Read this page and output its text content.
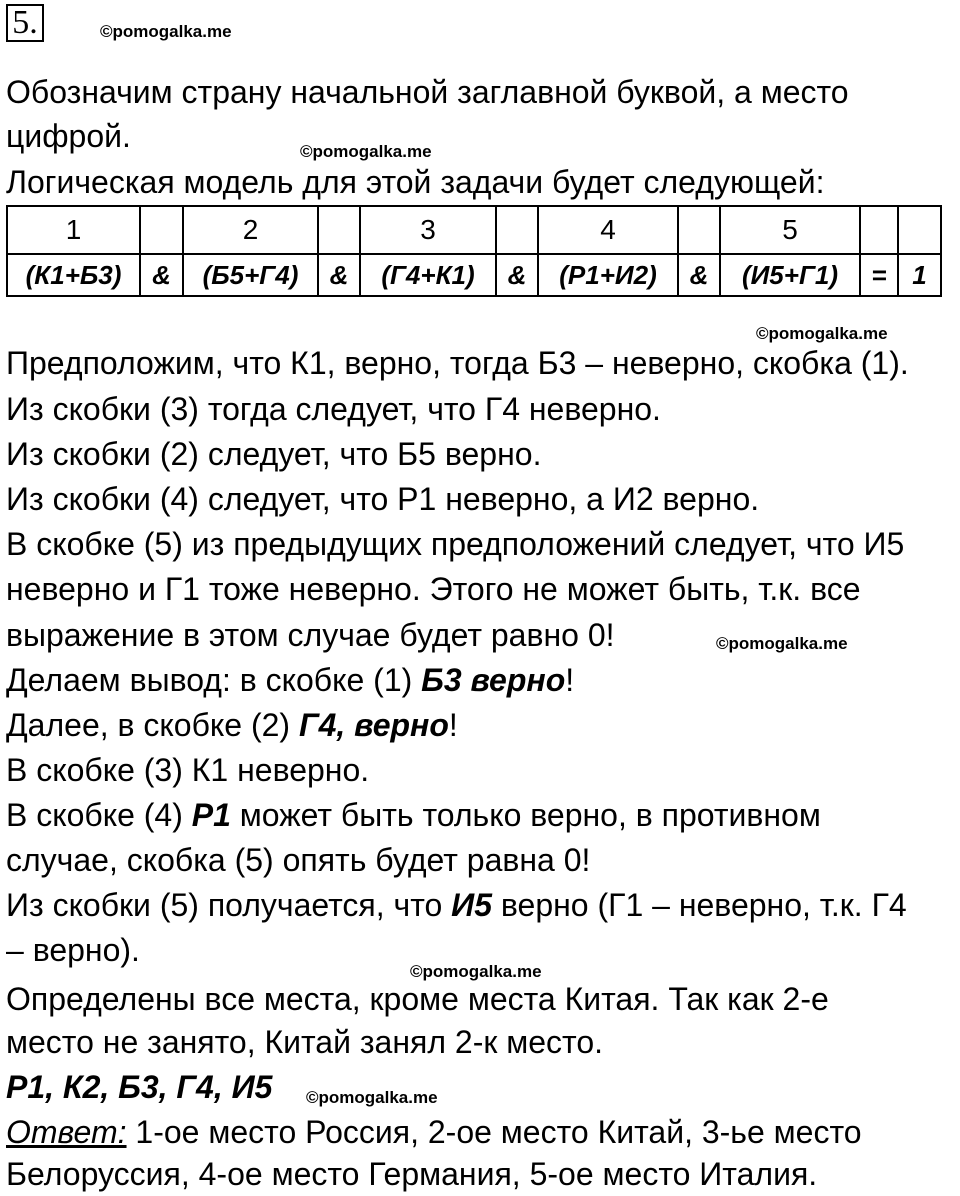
5.	©pomogalka.me
Обозначим страну начальной заглавной буквой, а место
цифрой.	©pomogalka.me
Логическая модель для этой задачи будет следующей:
1		2		3		4		5		
(К1+Б3)	&	(Б5+Г4)	&	(Г4+К1)	&	(Р1+И2)	&	(И5+Г1)	=	1
©pomogalka.me
Предположим, что К1, верно, тогда Б3 – неверно, скобка (1).
Из скобки (3) тогда следует, что Г4 неверно.
Из скобки (2) следует, что Б5 верно.
Из скобки (4) следует, что Р1 неверно, а И2 верно.
В скобке (5) из предыдущих предположений следует, что И5
неверно и Г1 тоже неверно. Этого не может быть, т.к. все
выражение в этом случае будет равно 0!	©pomogalka.me
Делаем вывод: в скобке (1) Б3 верно!
Далее, в скобке (2) Г4, верно!
В скобке (3) К1 неверно.
В скобке (4) Р1 может быть только верно, в противном
случае, скобка (5) опять будет равна 0!
Из скобки (5) получается, что И5 верно (Г1 – неверно, т.к. Г4
– верно).
©pomogalka.me
Определены все места, кроме места Китая. Так как 2-е
место не занято, Китай занял 2-к место.
Р1, К2, Б3, Г4, И5 ©pomogalka.me
Ответ: 1-ое место Россия, 2-ое место Китай, 3-ье место
Белоруссия, 4-ое место Германия, 5-ое место Италия.
